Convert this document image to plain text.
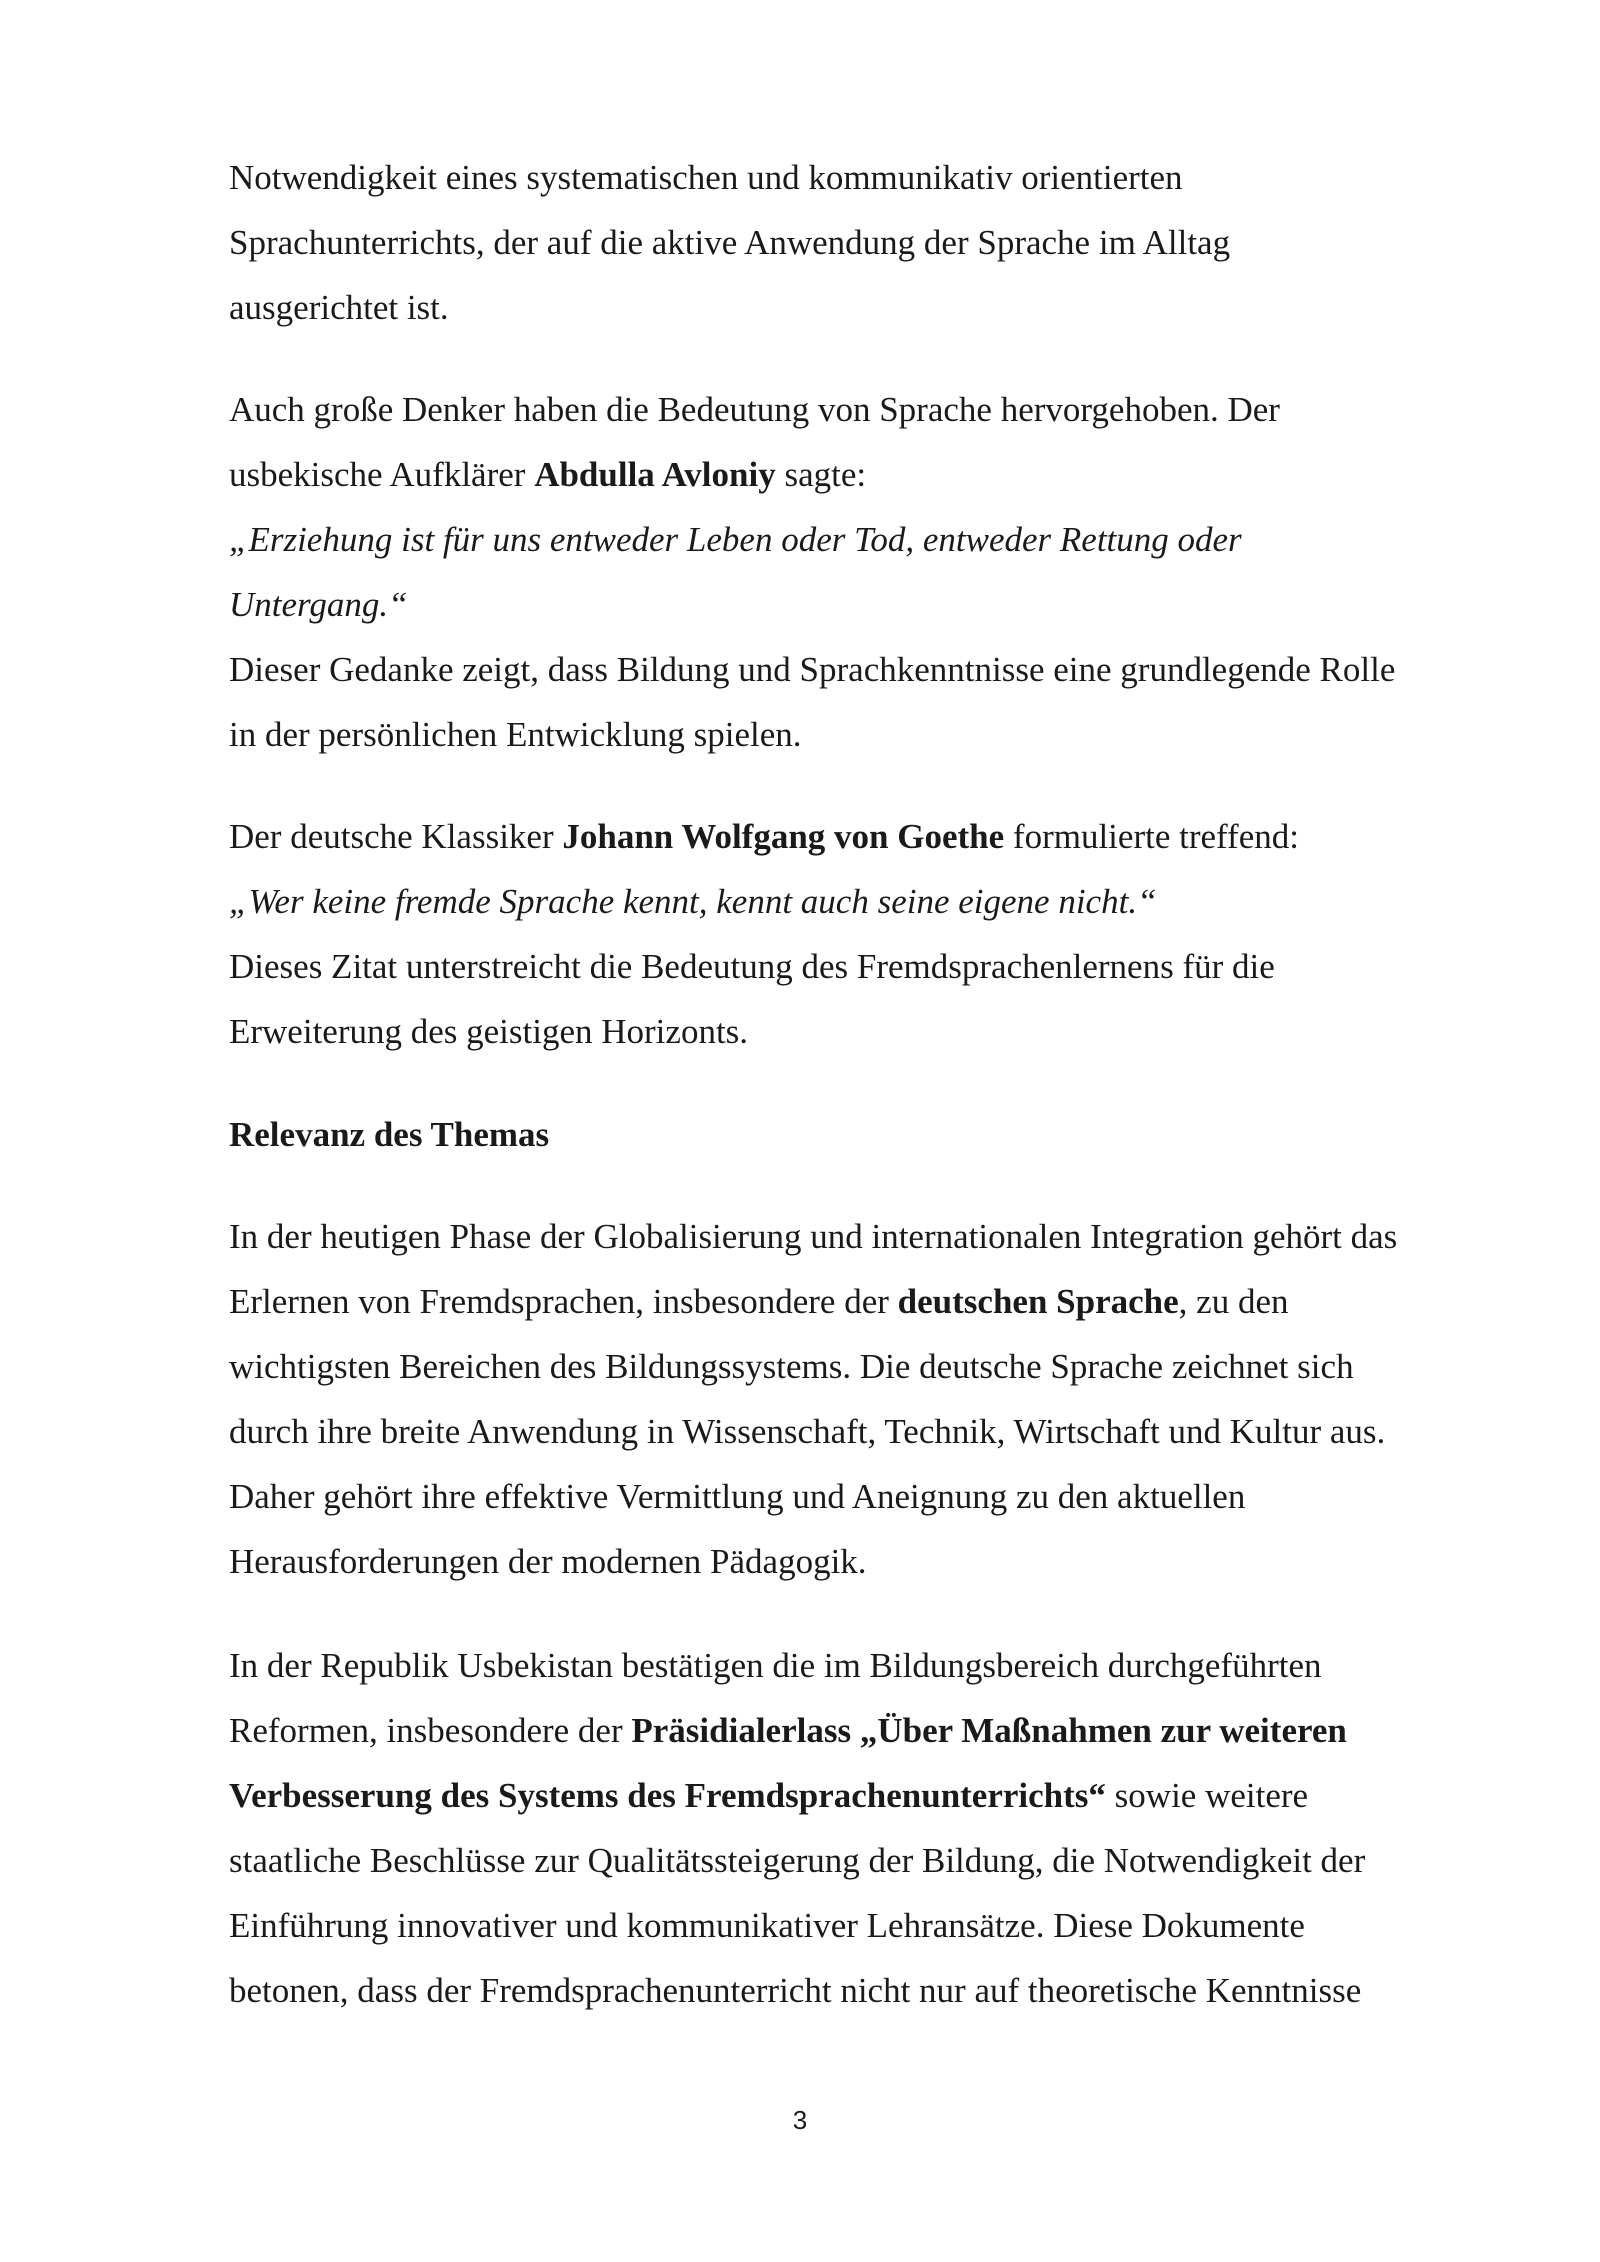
Notwendigkeit eines systematischen und kommunikativ orientierten
Sprachunterrichts, der auf die aktive Anwendung der Sprache im Alltag
ausgerichtet ist.

Auch große Denker haben die Bedeutung von Sprache hervorgehoben. Der
usbekische Aufklärer Abdulla Avloniy sagte:
„Erziehung ist für uns entweder Leben oder Tod, entweder Rettung oder
Untergang.“
Dieser Gedanke zeigt, dass Bildung und Sprachkenntnisse eine grundlegende Rolle
in der persönlichen Entwicklung spielen.

Der deutsche Klassiker Johann Wolfgang von Goethe formulierte treffend:
„Wer keine fremde Sprache kennt, kennt auch seine eigene nicht.“
Dieses Zitat unterstreicht die Bedeutung des Fremdsprachenlernens für die
Erweiterung des geistigen Horizonts.

Relevanz des Themas

In der heutigen Phase der Globalisierung und internationalen Integration gehört das
Erlernen von Fremdsprachen, insbesondere der deutschen Sprache, zu den
wichtigsten Bereichen des Bildungssystems. Die deutsche Sprache zeichnet sich
durch ihre breite Anwendung in Wissenschaft, Technik, Wirtschaft und Kultur aus.
Daher gehört ihre effektive Vermittlung und Aneignung zu den aktuellen
Herausforderungen der modernen Pädagogik.

In der Republik Usbekistan bestätigen die im Bildungsbereich durchgeführten
Reformen, insbesondere der Präsidialerlass „Über Maßnahmen zur weiteren
Verbesserung des Systems des Fremdsprachenunterrichts“ sowie weitere
staatliche Beschlüsse zur Qualitätssteigerung der Bildung, die Notwendigkeit der
Einführung innovativer und kommunikativer Lehransätze. Diese Dokumente
betonen, dass der Fremdsprachenunterricht nicht nur auf theoretische Kenntnisse

3
